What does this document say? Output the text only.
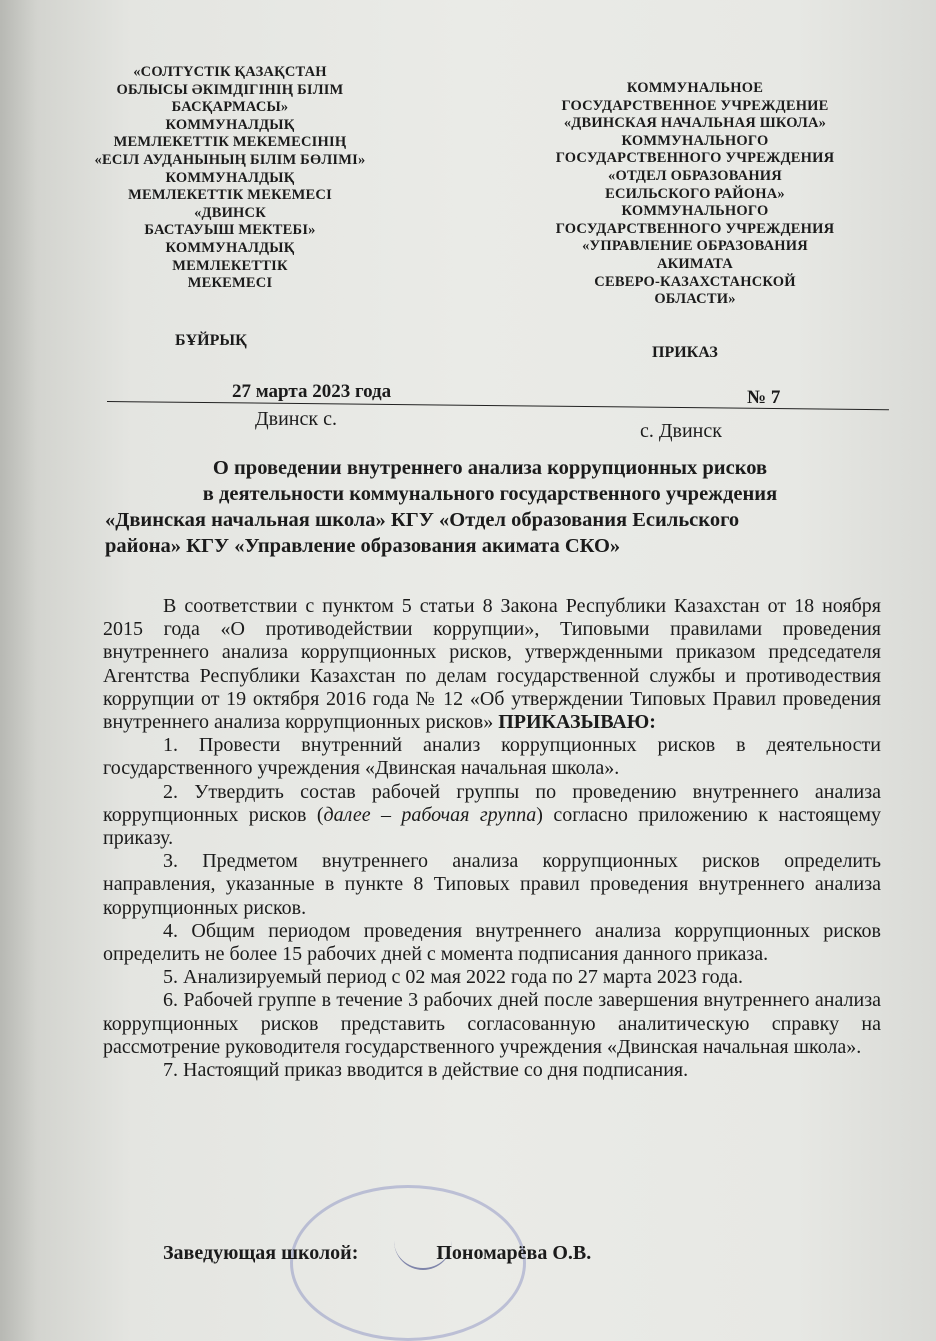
«СОЛТҮСТІК ҚАЗАҚСТАН
ОБЛЫСЫ ӘКІМДІГІНІҢ БІЛІМ
БАСҚАРМАСЫ»
КОММУНАЛДЫҚ
МЕМЛЕКЕТТІК МЕКЕМЕСІНІҢ
«ЕСІЛ АУДАНЫНЫҢ БІЛІМ БӨЛІМІ»
КОММУНАЛДЫҚ
МЕМЛЕКЕТТІК МЕКЕМЕСІ
«ДВИНСК
БАСТАУЫШ МЕКТЕБІ»
КОММУНАЛДЫҚ
МЕМЛЕКЕТТІК
МЕКЕМЕСІ
КОММУНАЛЬНОЕ
ГОСУДАРСТВЕННОЕ УЧРЕЖДЕНИЕ
«ДВИНСКАЯ НАЧАЛЬНАЯ ШКОЛА»
КОММУНАЛЬНОГО
ГОСУДАРСТВЕННОГО УЧРЕЖДЕНИЯ
«ОТДЕЛ ОБРАЗОВАНИЯ
ЕСИЛЬСКОГО РАЙОНА»
КОММУНАЛЬНОГО
ГОСУДАРСТВЕННОГО УЧРЕЖДЕНИЯ
«УПРАВЛЕНИЕ ОБРАЗОВАНИЯ
АКИМАТА
СЕВЕРО-КАЗАХСТАНСКОЙ
ОБЛАСТИ»
БҰЙРЫҚ
ПРИКАЗ
27 марта 2023 года	№ 7
Двинск с.
с. Двинск
О проведении внутреннего анализа коррупционных рисков
в деятельности коммунального государственного учреждения
«Двинская начальная школа» КГУ «Отдел образования Есильского
района» КГУ «Управление образования акимата СКО»

В соответствии с пунктом 5 статьи 8 Закона Республики Казахстан от 18 ноября 2015 года «О противодействии коррупции», Типовыми правилами проведения внутреннего анализа коррупционных рисков, утвержденными приказом председателя Агентства Республики Казахстан по делам государственной службы и противодествия коррупции от 19 октября 2016 года № 12 «Об утверждении Типовых Правил проведения внутреннего анализа коррупционных рисков» ПРИКАЗЫВАЮ:

1. Провести внутренний анализ коррупционных рисков в деятельности государственного учреждения «Двинская начальная школа».

2. Утвердить состав рабочей группы по проведению внутреннего анализа коррупционных рисков (далее – рабочая группа) согласно приложению к настоящему приказу.

3. Предметом внутреннего анализа коррупционных рисков определить направления, указанные в пункте 8 Типовых правил проведения внутреннего анализа коррупционных рисков.

4. Общим периодом проведения внутреннего анализа коррупционных рисков определить не более 15 рабочих дней с момента подписания данного приказа.

5. Анализируемый период с 02 мая 2022 года по 27 марта 2023 года.

6. Рабочей группе в течение 3 рабочих дней после завершения внутреннего анализа коррупционных рисков представить согласованную аналитическую справку на рассмотрение руководителя государственного учреждения «Двинская начальная школа».

7. Настоящий приказ вводится в действие со дня подписания.

Заведующая школой:	Пономарёва О.В.
